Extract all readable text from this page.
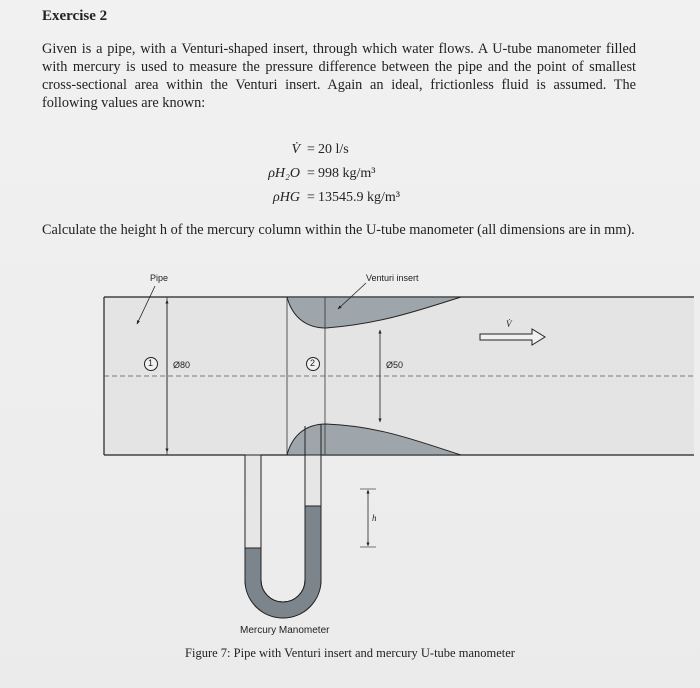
Exercise 2
Given is a pipe, with a Venturi-shaped insert, through which water flows. A U-tube manometer filled with mercury is used to measure the pressure difference between the pipe and the point of smallest cross-sectional area within the Venturi insert. Again an ideal, frictionless fluid is assumed. The following values are known:
V̇ = 20 l/s
ρH₂O = 998 kg/m³
ρHG = 13545.9 kg/m³
Calculate the height h of the mercury column within the U-tube manometer (all dimensions are in mm).
Pipe	Venturi insert
1	2
Ø80	Ø50
V̇
h
Mercury Manometer
Figure 7: Pipe with Venturi insert and mercury U-tube manometer
